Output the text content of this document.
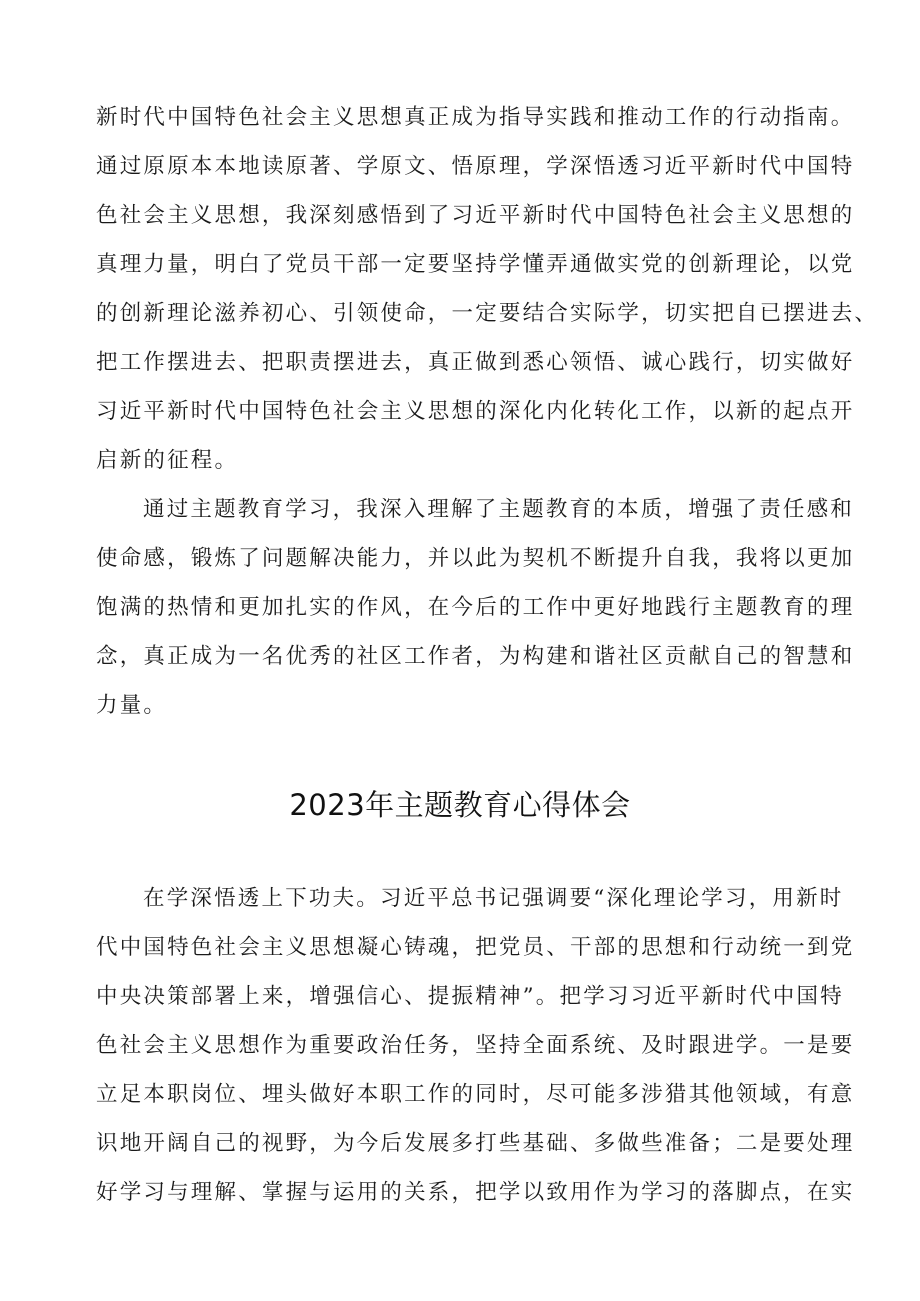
新时代中国特色社会主义思想真正成为指导实践和推动工作的行动指南。
通过原原本本地读原著、学原文、悟原理，学深悟透习近平新时代中国特
色社会主义思想，我深刻感悟到了习近平新时代中国特色社会主义思想的
真理力量，明白了党员干部一定要坚持学懂弄通做实党的创新理论，以党
的创新理论滋养初心、引领使命，一定要结合实际学，切实把自已摆进去、
把工作摆进去、把职责摆进去，真正做到悉心领悟、诚心践行，切实做好
习近平新时代中国特色社会主义思想的深化内化转化工作，以新的起点开
启新的征程。
通过主题教育学习，我深入理解了主题教育的本质，增强了责任感和
使命感，锻炼了问题解决能力，并以此为契机不断提升自我，我将以更加
饱满的热情和更加扎实的作风，在今后的工作中更好地践行主题教育的理
念，真正成为一名优秀的社区工作者，为构建和谐社区贡献自己的智慧和
力量。
2023年主题教育心得体会
在学深悟透上下功夫。习近平总书记强调要“深化理论学习，用新时
代中国特色社会主义思想凝心铸魂，把党员、干部的思想和行动统一到党
中央决策部署上来，增强信心、提振精神”。把学习习近平新时代中国特
色社会主义思想作为重要政治任务，坚持全面系统、及时跟进学。一是要
立足本职岗位、埋头做好本职工作的同时，尽可能多涉猎其他领域，有意
识地开阔自己的视野，为今后发展多打些基础、多做些准备；二是要处理
好学习与理解、掌握与运用的关系，把学以致用作为学习的落脚点，在实
